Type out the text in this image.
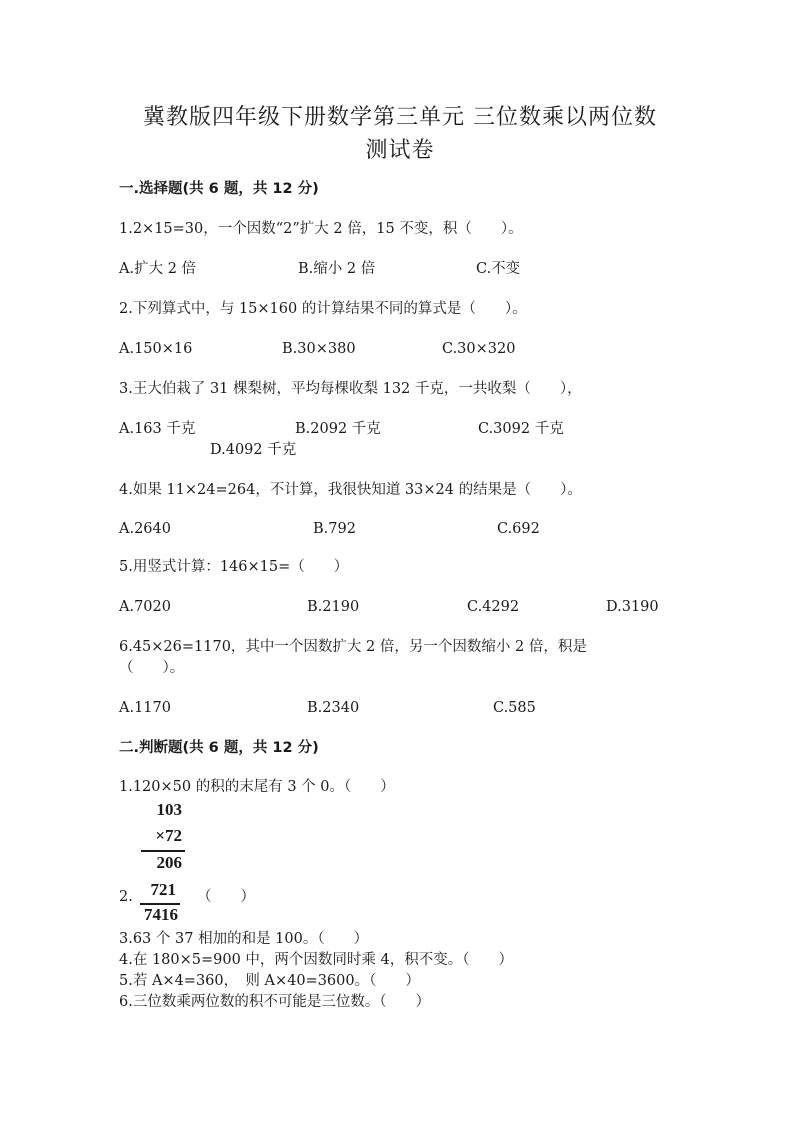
冀教版四年级下册数学第三单元 三位数乘以两位数
测试卷
一.选择题(共 6 题，共 12 分)
1.2×15=30，一个因数“2”扩大 2 倍，15 不变，积（　　）。
A.扩大 2 倍	B.缩小 2 倍	C.不变
2.下列算式中，与 15×160 的计算结果不同的算式是（　　）。
A.150×16	B.30×380	C.30×320
3.王大伯栽了 31 棵梨树，平均每棵收梨 132 千克，一共收梨（　　），
A.163 千克	B.2092 千克	C.3092 千克
D.4092 千克
4.如果 11×24=264，不计算，我很快知道 33×24 的结果是（　　）。
A.2640	B.792	C.692
5.用竖式计算：146×15=（　　）
A.7020	B.2190	C.4292	D.3190
6.45×26=1170，其中一个因数扩大 2 倍，另一个因数缩小 2 倍，积是
（　　）。
A.1170	B.2340	C.585
二.判断题(共 6 题，共 12 分)
1.120×50 的积的末尾有 3 个 0。（　　）
103
×72
206
2.	721
7416
（　　）
3.63 个 37 相加的和是 100。（　　）
4.在 180×5=900 中，两个因数同时乘 4，积不变。（　　）
5.若 A×4=360，　则 A×40=3600。（　　）
6.三位数乘两位数的积不可能是三位数。（　　）
